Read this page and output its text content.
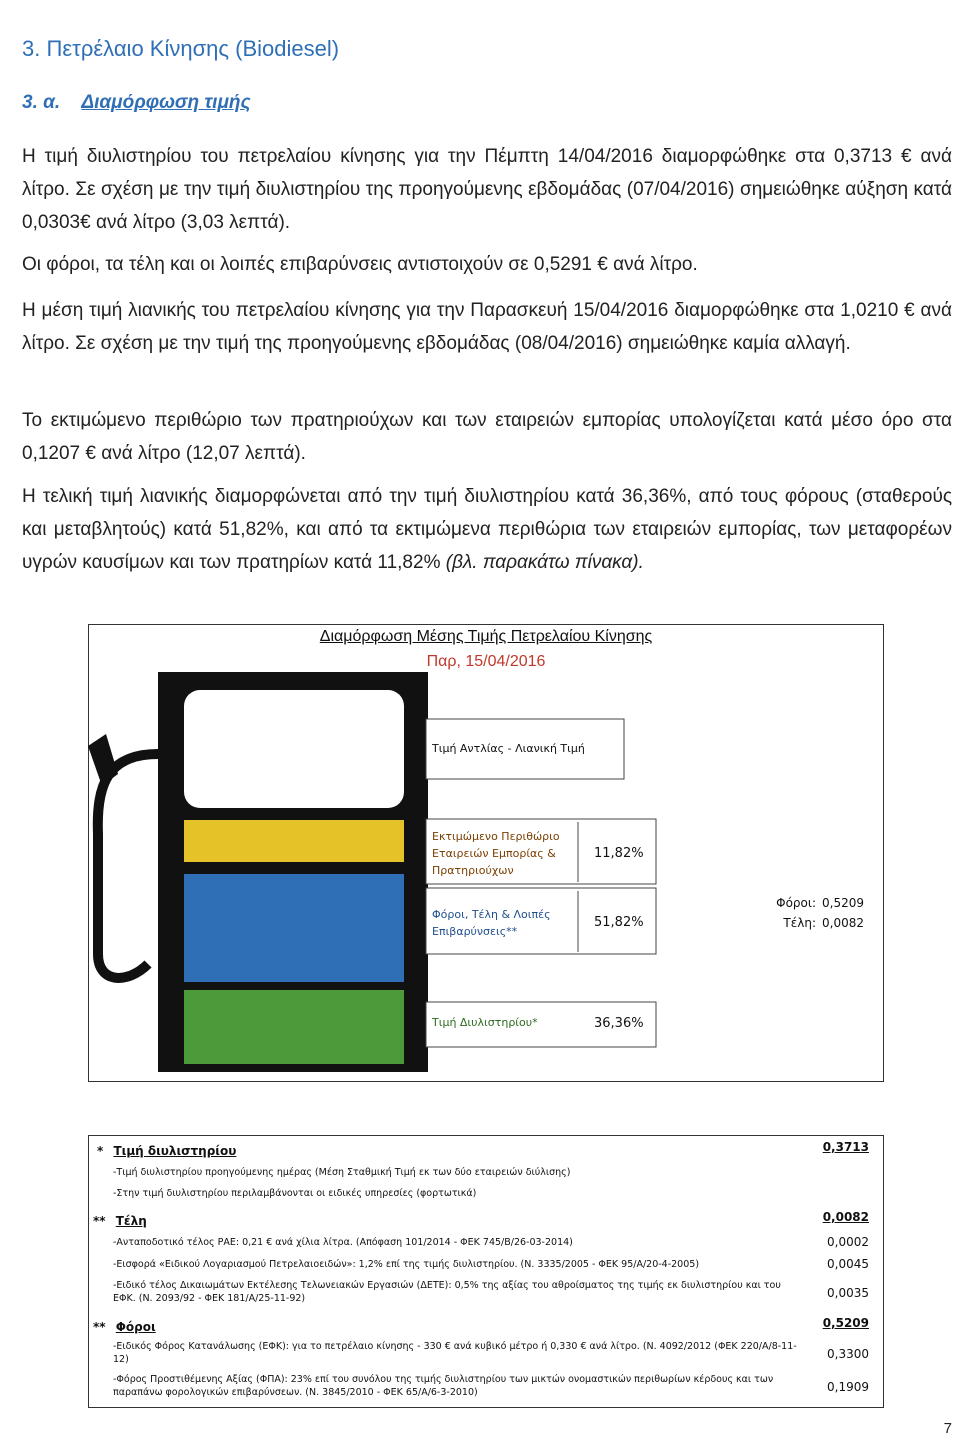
3. Πετρέλαιο Κίνησης (Biodiesel)
3. α. Διαμόρφωση τιμής

Η τιμή διυλιστηρίου του πετρελαίου κίνησης για την Πέμπτη 14/04/2016 διαμορφώθηκε στα 0,3713 € ανά λίτρο. Σε σχέση με την τιμή διυλιστηρίου της προηγούμενης εβδομάδας (07/04/2016) σημειώθηκε αύξηση κατά 0,0303€ ανά λίτρο (3,03 λεπτά).

Οι φόροι, τα τέλη και οι λοιπές επιβαρύνσεις αντιστοιχούν σε 0,5291 € ανά λίτρο.

Η μέση τιμή λιανικής του πετρελαίου κίνησης για την Παρασκευή 15/04/2016 διαμορφώθηκε στα 1,0210 € ανά λίτρο. Σε σχέση με την τιμή της προηγούμενης εβδομάδας (08/04/2016) σημειώθηκε καμία αλλαγή.

Το εκτιμώμενο περιθώριο των πρατηριούχων και των εταιρειών εμπορίας υπολογίζεται κατά μέσο όρο στα 0,1207 € ανά λίτρο (12,07 λεπτά).

Η τελική τιμή λιανικής διαμορφώνεται από την τιμή διυλιστηρίου κατά 36,36%, από τους φόρους (σταθερούς και μεταβλητούς) κατά 51,82%, και από τα εκτιμώμενα περιθώρια των εταιρειών εμπορίας, των μεταφορέων υγρών καυσίμων και των πρατηρίων κατά 11,82% (βλ. παρακάτω πίνακα).

Διαμόρφωση Μέσης Τιμής Πετρελαίου Κίνησης
Παρ, 15/04/2016
Τιμή Αντλίας - Λιανική Τιμή
Εκτιμώμενο Περιθώριο Εταιρειών Εμπορίας & Πρατηριούχων
11,82%
Φόροι, Τέλη & Λοιπές Επιβαρύνσεις**
51,82%
Τιμή Διυλιστηρίου*	36,36%
Φόροι: 0,5209
Τέλη: 0,0082
* Τιμή διυλιστηρίου	0,3713
-Τιμή διυλιστηρίου προηγούμενης ημέρας (Μέση Σταθμική Τιμή εκ των δύο εταιρειών διύλισης)
-Στην τιμή διυλιστηρίου περιλαμβάνονται οι ειδικές υπηρεσίες (φορτωτικά)
** Τέλη	0,0082
-Ανταποδοτικό τέλος ΡΑΕ: 0,21 € ανά χίλια λίτρα. (Απόφαση 101/2014 - ΦΕΚ 745/Β/26-03-2014)	0,0002
-Εισφορά «Ειδικού Λογαριασμού Πετρελαιοειδών»: 1,2% επί της τιμής διυλιστηρίου. (Ν. 3335/2005 - ΦΕΚ 95/Α/20-4-2005)	0,0045
-Ειδικό τέλος Δικαιωμάτων Εκτέλεσης Τελωνειακών Εργασιών (ΔΕΤΕ): 0,5% της αξίας του αθροίσματος της τιμής εκ διυλιστηρίου και του ΕΦΚ. (Ν. 2093/92 - ΦΕΚ 181/Α/25-11-92)	0,0035
** Φόροι	0,5209
-Ειδικός Φόρος Κατανάλωσης (ΕΦΚ): για το πετρέλαιο κίνησης - 330 € ανά κυβικό μέτρο ή 0,330 € ανά λίτρο. (Ν. 4092/2012 (ΦΕΚ 220/Α/8-11-12)	0,3300
-Φόρος Προστιθέμενης Αξίας (ΦΠΑ): 23% επί του συνόλου της τιμής διυλιστηρίου των μικτών ονομαστικών περιθωρίων κέρδους και των παραπάνω φορολογικών επιβαρύνσεων. (Ν. 3845/2010 - ΦΕΚ 65/Α/6-3-2010)	0,1909
7
